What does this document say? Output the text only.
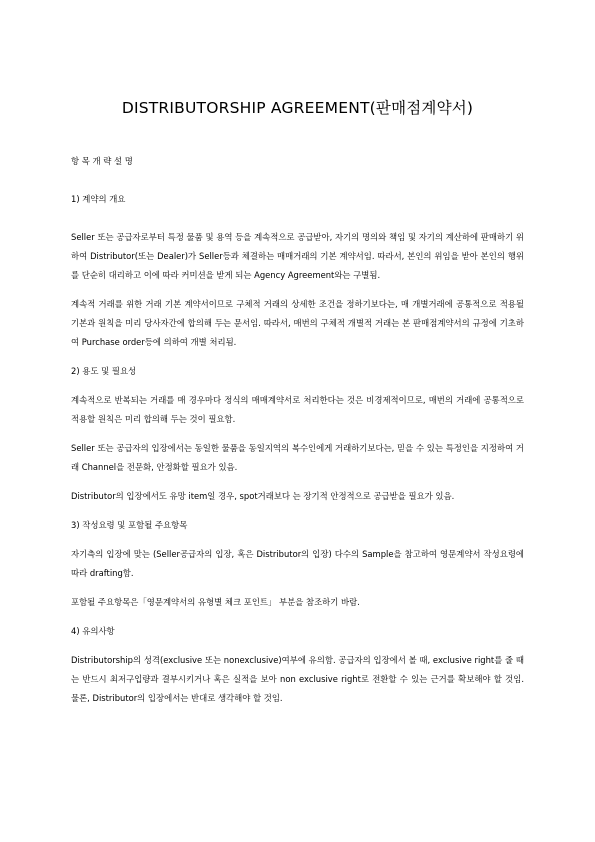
DISTRIBUTORSHIP AGREEMENT(판매점계약서)

항 목 개 략 설 명

1) 계약의 개요

Seller 또는 공급자로부터 특정 물품 및 용역 등을 계속적으로 공급받아, 자기의 명의와 책임 및 자기의 계산하에 판매하기 위하여 Distributor(또는 Dealer)가 Seller등과 체결하는 매매거래의 기본 계약서임. 따라서, 본인의 위임을 받아 본인의 행위를 단순히 대리하고 이에 따라 커미션을 받게 되는 Agency Agreement와는 구별됨.

계속적 거래를 위한 거래 기본 계약서이므로 구체적 거래의 상세한 조건을 정하기보다는, 매 개별거래에 공통적으로 적용될 기본과 원칙을 미리 당사자간에 합의해 두는 문서임. 따라서, 매번의 구체적 개별적 거래는 본 판매점계약서의 규정에 기초하여 Purchase order등에 의하여 개별 처리됨.

2) 용도 및 필요성

계속적으로 반복되는 거래를 매 경우마다 정식의 매매계약서로 처리한다는 것은 비경제적이므로, 매번의 거래에 공통적으로 적용할 원칙은 미리 합의해 두는 것이 필요함.

Seller 또는 공급자의 입장에서는 동일한 물품을 동일지역의 복수인에게 거래하기보다는, 믿을 수 있는 특정인을 지정하여 거래 Channel을 전문화, 안정화할 필요가 있음.

Distributor의 입장에서도 유망 item일 경우, spot거래보다 는 장기적 안정적으로 공급받을 필요가 있음.

3) 작성요령 및 포함될 주요항목

자기측의 입장에 맞는 (Seller공급자의 입장, 혹은 Distributor의 입장) 다수의 Sample을 참고하여 영문계약서 작성요령에 따라 drafting함.

포함될 주요항목은「영문계약서의 유형별 체크 포인트」 부분을 참조하기 바람.

4) 유의사항

Distributorship의 성격(exclusive 또는 nonexclusive)여부에 유의함. 공급자의 입장에서 볼 때, exclusive right를 줄 때는 반드시 최저구입량과 결부시키거나 혹은 실적을 보아 non exclusive right로 전환할 수 있는 근거를 확보해야 할 것임. 물론, Distributor의 입장에서는 반대로 생각해야 할 것임.
